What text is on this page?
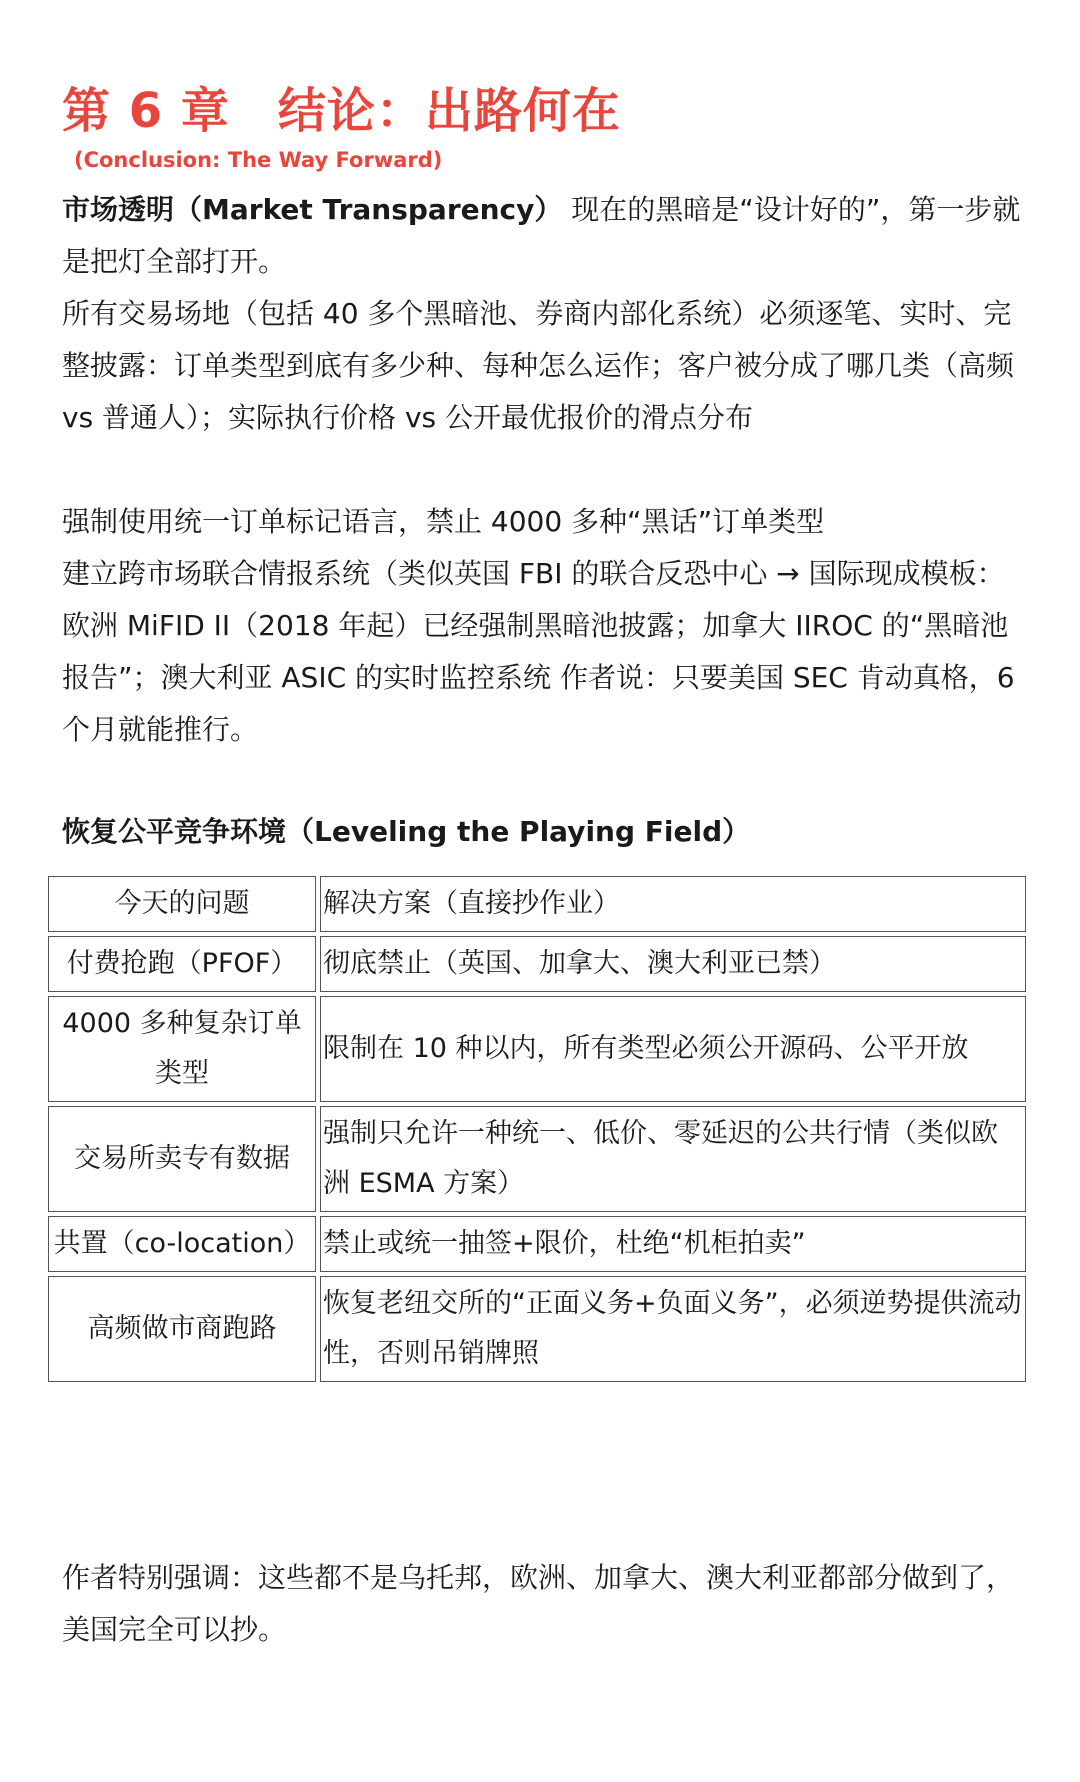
第 6 章 结论：出路何在
(Conclusion: The Way Forward)

市场透明（Market Transparency） 现在的黑暗是“设计好的”，第一步就是把灯全部打开。

所有交易场地（包括 40 多个黑暗池、券商内部化系统）必须逐笔、实时、完整披露：订单类型到底有多少种、每种怎么运作；客户被分成了哪几类（高频 vs 普通人）；实际执行价格 vs 公开最优报价的滑点分布

强制使用统一订单标记语言，禁止 4000 多种“黑话”订单类型

建立跨市场联合情报系统（类似英国 FBI 的联合反恐中心 → 国际现成模板：欧洲 MiFID II（2018 年起）已经强制黑暗池披露；加拿大 IIROC 的“黑暗池报告”；澳大利亚 ASIC 的实时监控系统 作者说：只要美国 SEC 肯动真格，6 个月就能推行。

恢复公平竞争环境（Leveling the Playing Field）
今天的问题	解决方案（直接抄作业）
付费抢跑（PFOF）	彻底禁止（英国、加拿大、澳大利亚已禁）
4000 多种复杂订单类型	限制在 10 种以内，所有类型必须公开源码、公平开放
交易所卖专有数据	强制只允许一种统一、低价、零延迟的公共行情（类似欧洲 ESMA 方案）
共置（co-location）	禁止或统一抽签+限价，杜绝“机柜拍卖”
高频做市商跑路	恢复老纽交所的“正面义务+负面义务”，必须逆势提供流动性，否则吊销牌照

作者特别强调：这些都不是乌托邦，欧洲、加拿大、澳大利亚都部分做到了，美国完全可以抄。
